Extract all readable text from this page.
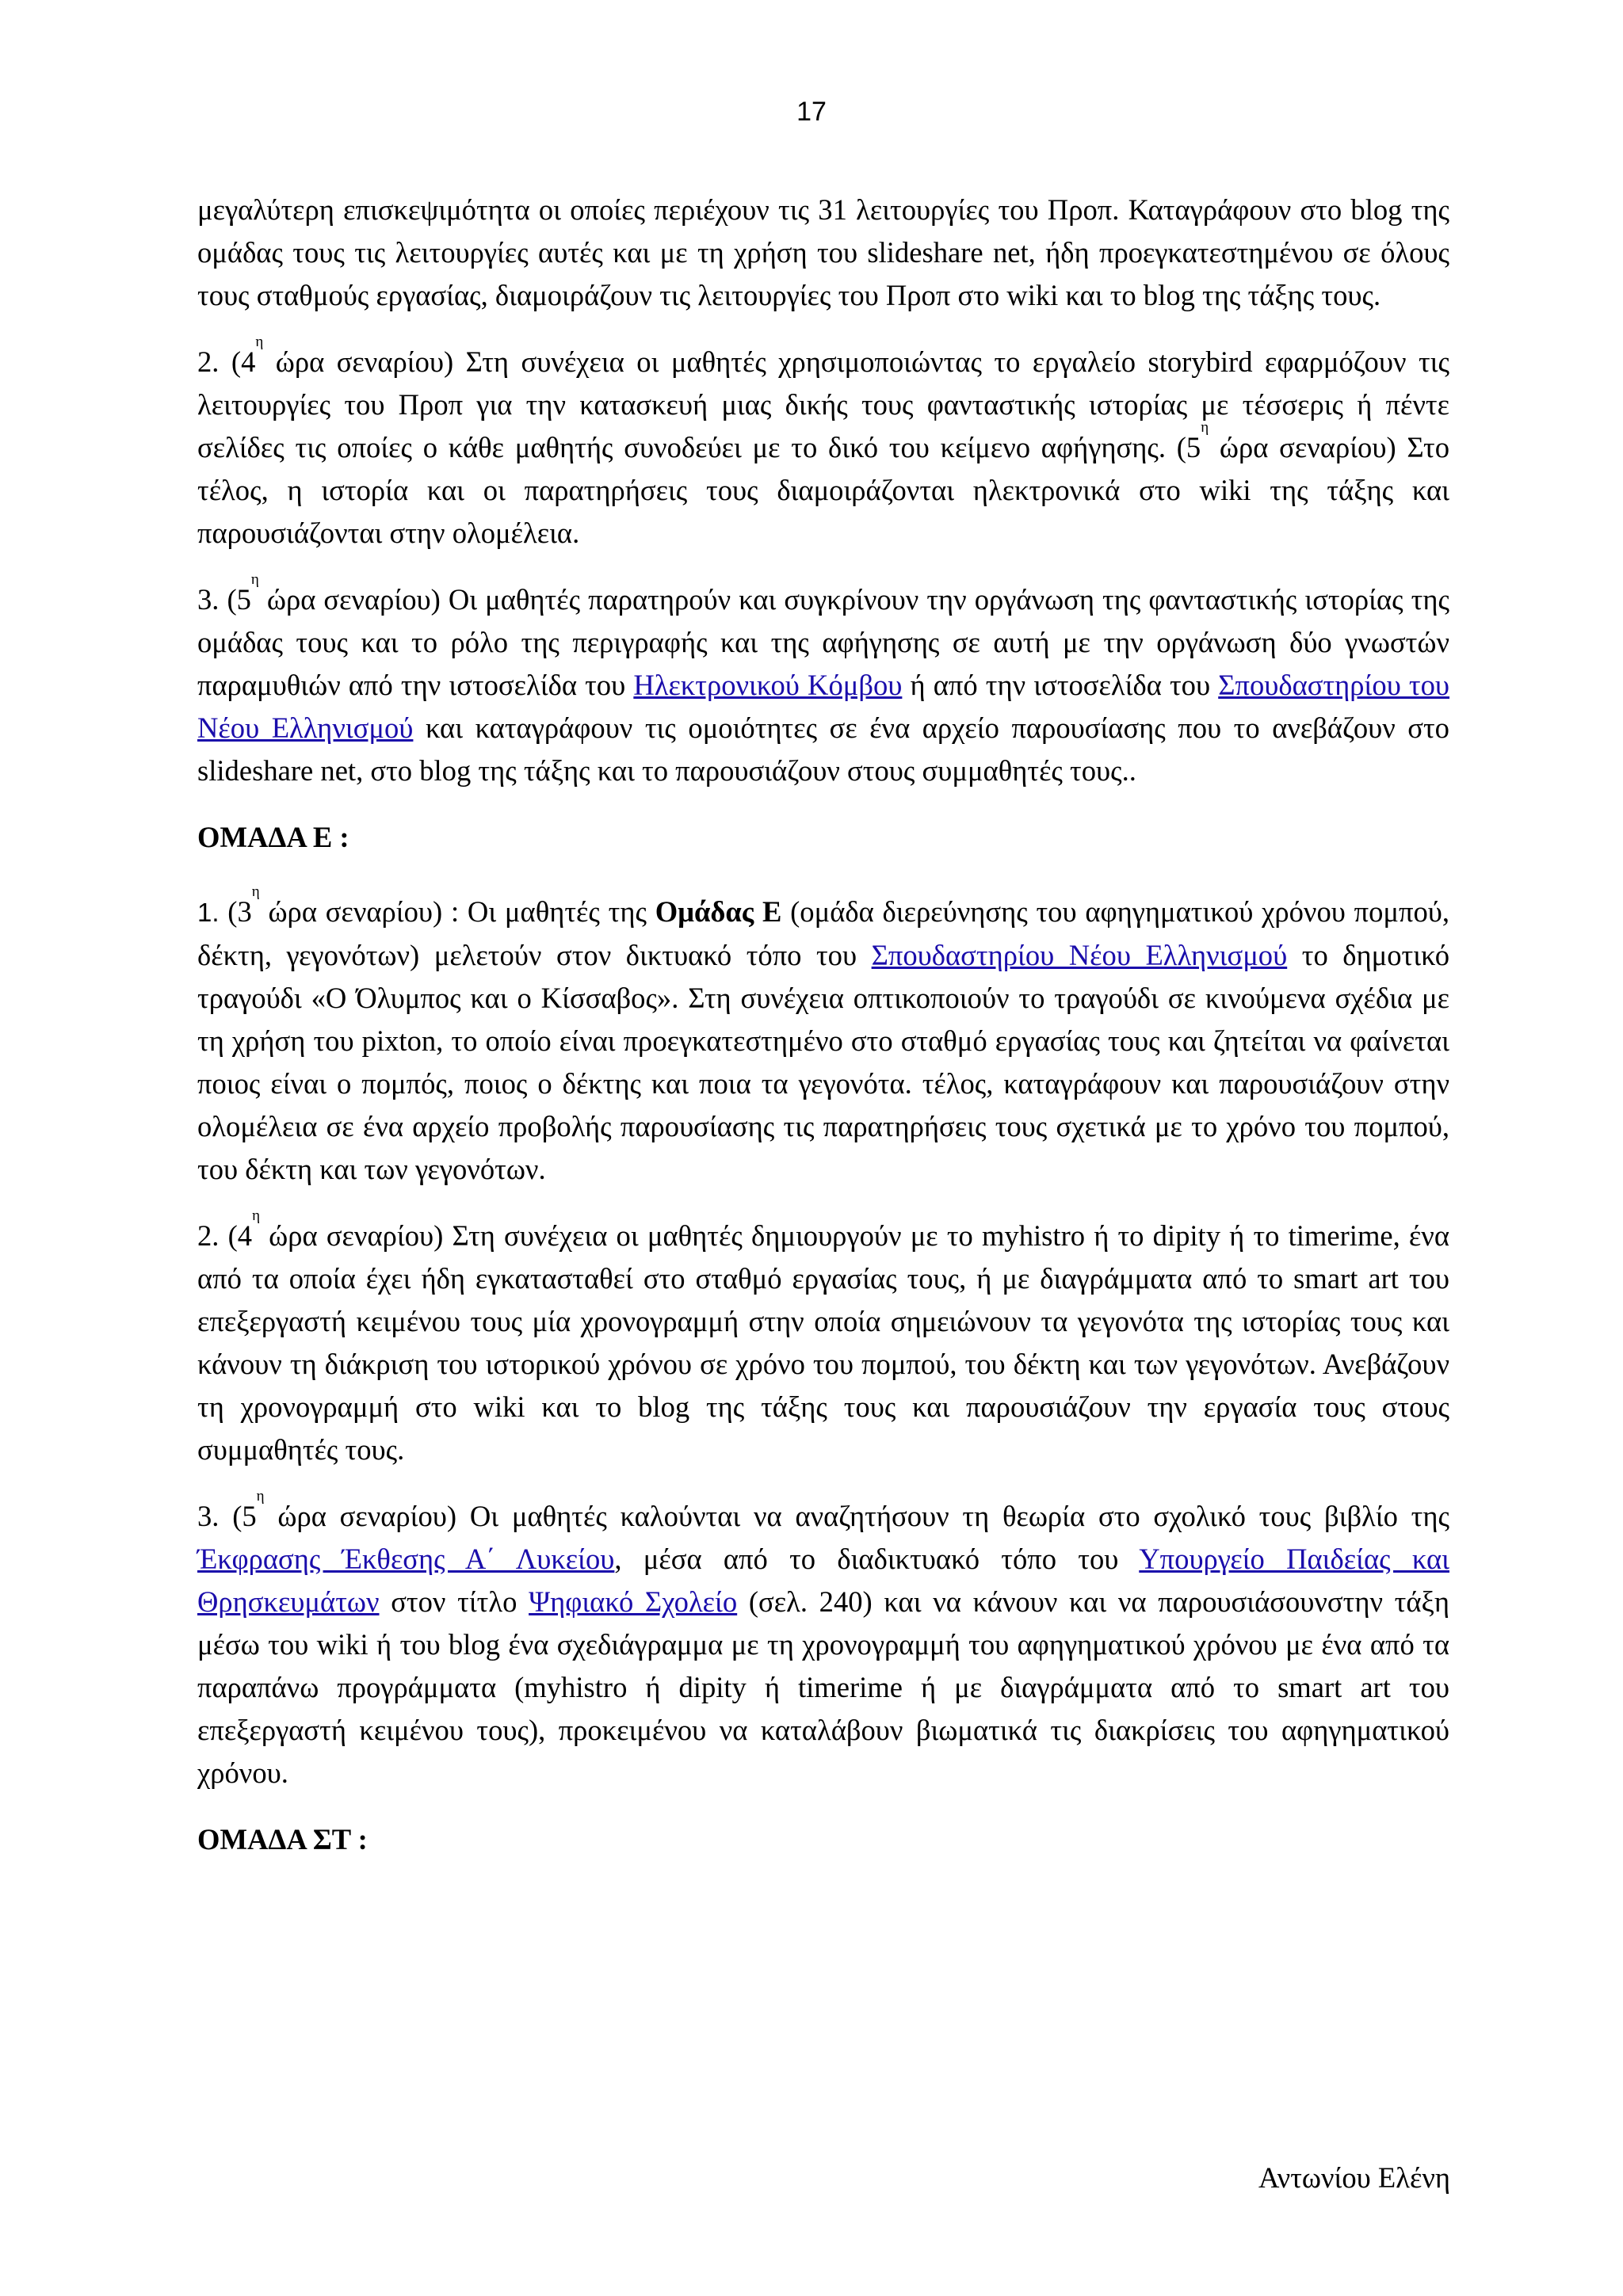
17

μεγαλύτερη επισκεψιμότητα οι οποίες περιέχουν τις 31 λειτουργίες του Προπ. Καταγράφουν στο blog της ομάδας τους τις λειτουργίες αυτές και με τη χρήση του slideshare net, ήδη προεγκατεστημένου σε όλους τους σταθμούς εργασίας, διαμοιράζουν τις λειτουργίες του Προπ στο wiki και το blog της τάξης τους.

2. ($4^\eta$ ώρα σεναρίου) Στη συνέχεια οι μαθητές χρησιμοποιώντας το εργαλείο storybird εφαρμόζουν τις λειτουργίες του Προπ για την κατασκευή μιας δικής τους φανταστικής ιστορίας με τέσσερις ή πέντε σελίδες τις οποίες ο κάθε μαθητής συνοδεύει με το δικό του κείμενο αφήγησης. ($5^\eta$ ώρα σεναρίου) Στο τέλος, η ιστορία και οι παρατηρήσεις τους διαμοιράζονται ηλεκτρονικά στο wiki της τάξης και παρουσιάζονται στην ολομέλεια.

3. ($5^\eta$ ώρα σεναρίου) Οι μαθητές παρατηρούν και συγκρίνουν την οργάνωση της φανταστικής ιστορίας της ομάδας τους και το ρόλο της περιγραφής και της αφήγησης σε αυτή με την οργάνωση δύο γνωστών παραμυθιών από την ιστοσελίδα του Ηλεκτρονικού Κόμβου ή από την ιστοσελίδα του Σπουδαστηρίου του Νέου Ελληνισμού και καταγράφουν τις ομοιότητες σε ένα αρχείο παρουσίασης που το ανεβάζουν στο slideshare net, στο blog της τάξης και το παρουσιάζουν στους συμμαθητές τους..

ΟΜΑΔΑ Ε :

1. ($3^\eta$ ώρα σεναρίου) : Οι μαθητές της Ομάδας Ε (ομάδα διερεύνησης του αφηγηματικού χρόνου πομπού, δέκτη, γεγονότων) μελετούν στον δικτυακό τόπο του Σπουδαστηρίου Νέου Ελληνισμού το δημοτικό τραγούδι «Ο Όλυμπος και ο Κίσσαβος». Στη συνέχεια οπτικοποιούν το τραγούδι σε κινούμενα σχέδια με τη χρήση του pixton, το οποίο είναι προεγκατεστημένο στο σταθμό εργασίας τους και ζητείται να φαίνεται ποιος είναι ο πομπός, ποιος ο δέκτης και ποια τα γεγονότα. τέλος, καταγράφουν και παρουσιάζουν στην ολομέλεια σε ένα αρχείο προβολής παρουσίασης τις παρατηρήσεις τους σχετικά με το χρόνο του πομπού, του δέκτη και των γεγονότων.

2. ($4^\eta$ ώρα σεναρίου) Στη συνέχεια οι μαθητές δημιουργούν με το myhistro ή το dipity ή το timerime, ένα από τα οποία έχει ήδη εγκατασταθεί στο σταθμό εργασίας τους, ή με διαγράμματα από το smart art του επεξεργαστή κειμένου τους μία χρονογραμμή στην οποία σημειώνουν τα γεγονότα της ιστορίας τους και κάνουν τη διάκριση του ιστορικού χρόνου σε χρόνο του πομπού, του δέκτη και των γεγονότων. Ανεβάζουν τη χρονογραμμή στο wiki και το blog της τάξης τους και παρουσιάζουν την εργασία τους στους συμμαθητές τους.

3. ($5^\eta$ ώρα σεναρίου) Οι μαθητές καλούνται να αναζητήσουν τη θεωρία στο σχολικό τους βιβλίο της Έκφρασης Έκθεσης Α΄ Λυκείου, μέσα από το διαδικτυακό τόπο του Υπουργείο Παιδείας και Θρησκευμάτων στον τίτλο Ψηφιακό Σχολείο (σελ. 240) και να κάνουν και να παρουσιάσουνστην τάξη μέσω του wiki ή του blog ένα σχεδιάγραμμα με τη χρονογραμμή του αφηγηματικού χρόνου με ένα από τα παραπάνω προγράμματα (myhistro ή dipity ή timerime ή με διαγράμματα από το smart art του επεξεργαστή κειμένου τους), προκειμένου να καταλάβουν βιωματικά τις διακρίσεις του αφηγηματικού χρόνου.

ΟΜΑΔΑ ΣΤ :

Αντωνίου Ελένη
